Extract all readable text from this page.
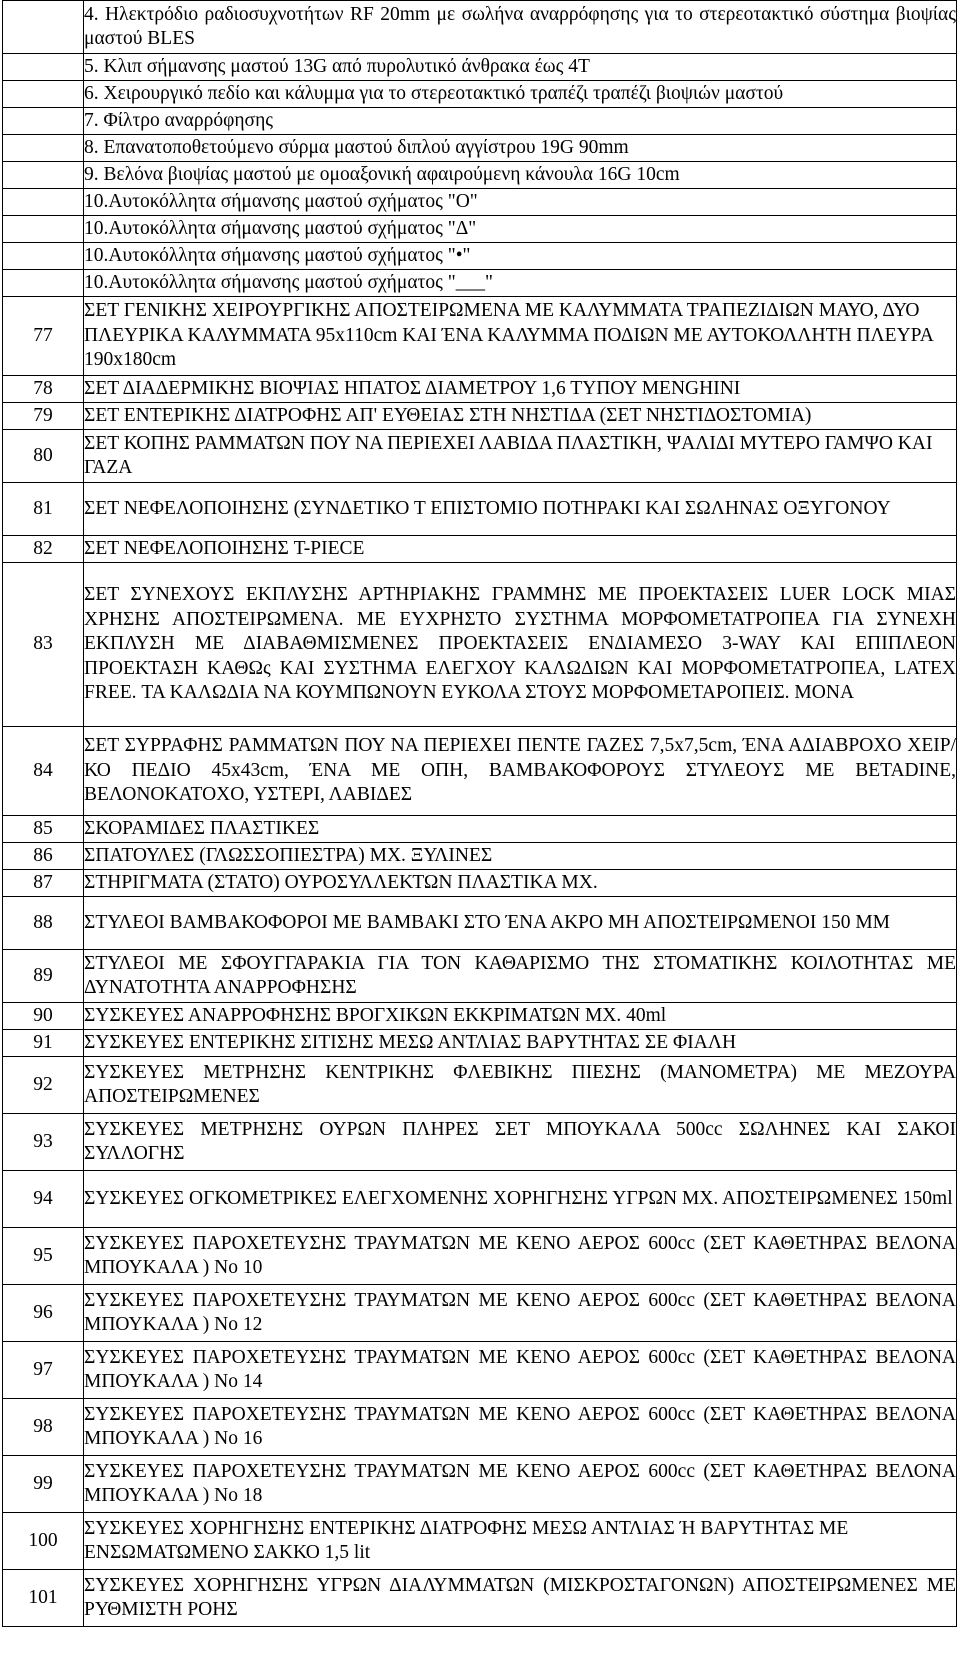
	4. Ηλεκτρόδιο ραδιοσυχνοτήτων RF 20mm με σωλήνα αναρρόφησης για το στερεοτακτικό σύστημα βιοψίας μαστού BLES
	5. Κλιπ σήμανσης μαστού 13G από πυρολυτικό άνθρακα έως 4T
	6. Χειρουργικό πεδίο και κάλυμμα για το στερεοτακτικό τραπέζι τραπέζι βιοψιών μαστού
	7. Φίλτρο αναρρόφησης
	8. Επανατοποθετούμενο σύρμα μαστού διπλού αγγίστρου 19G 90mm
	9. Βελόνα βιοψίας μαστού με ομοαξονική αφαιρούμενη κάνουλα 16G 10cm
	10.Αυτοκόλλητα σήμανσης μαστού σχήματος "Ο"
	10.Αυτοκόλλητα σήμανσης μαστού σχήματος "Δ"
	10.Αυτοκόλλητα σήμανσης μαστού σχήματος "•"
	10.Αυτοκόλλητα σήμανσης μαστού σχήματος "___"
77	ΣΕΤ ΓΕΝΙΚΗΣ ΧΕΙΡΟΥΡΓΙΚΗΣ ΑΠΟΣΤΕΙΡΩΜΕΝΑ ΜΕ ΚΑΛΥΜΜΑΤΑ ΤΡΑΠΕΖΙΔΙΩΝ ΜΑΥΟ, ΔΥΟ ΠΛΕΥΡΙΚΑ ΚΑΛΥΜΜΑΤΑ 95x110cm ΚΑΙ ΈΝΑ ΚΑΛΥΜΜΑ ΠΟΔΙΩΝ ΜΕ ΑΥΤΟΚΟΛΛΗΤΗ ΠΛΕΥΡΑ 190x180cm
78	ΣΕΤ ΔΙΑΔΕΡΜΙΚΗΣ ΒΙΟΨΙΑΣ ΗΠΑΤΟΣ ΔΙΑΜΕΤΡΟΥ 1,6 ΤΥΠΟΥ MENGHINI
79	ΣΕΤ ΕΝΤΕΡΙΚΗΣ ΔΙΑΤΡΟΦΗΣ ΑΠ' ΕΥΘΕΙΑΣ ΣΤΗ ΝΗΣΤΙΔΑ (ΣΕΤ ΝΗΣΤΙΔΟΣΤΟΜΙΑ)
80	ΣΕΤ ΚΟΠΗΣ ΡΑΜΜΑΤΩΝ ΠΟΥ ΝΑ ΠΕΡΙΕΧΕΙ ΛΑΒΙΔΑ ΠΛΑΣΤΙΚΗ, ΨΑΛΙΔΙ ΜΥΤΕΡΟ ΓΑΜΨΟ ΚΑΙ ΓΑΖΑ
81	ΣΕΤ ΝΕΦΕΛΟΠΟΙΗΣΗΣ (ΣΥΝΔΕΤΙΚΟ Τ ΕΠΙΣΤΟΜΙΟ ΠΟΤΗΡΑΚΙ ΚΑΙ ΣΩΛΗΝΑΣ ΟΞΥΓΟΝΟΥ
82	ΣΕΤ ΝΕΦΕΛΟΠΟΙΗΣΗΣ T-PIECE
83	ΣΕΤ ΣΥΝΕΧΟΥΣ ΕΚΠΛΥΣΗΣ ΑΡΤΗΡΙΑΚΗΣ ΓΡΑΜΜΗΣ ΜΕ ΠΡΟΕΚΤΑΣΕΙΣ LUER LOCK ΜΙΑΣ ΧΡΗΣΗΣ ΑΠΟΣΤΕΙΡΩΜΕΝΑ. ΜΕ ΕΥΧΡΗΣΤΟ ΣΥΣΤΗΜΑ ΜΟΡΦΟΜΕΤΑΤΡΟΠΕΑ ΓΙΑ ΣΥΝΕΧΗ ΕΚΠΛΥΣΗ ΜΕ ΔΙΑΒΑΘΜΙΣΜΕΝΕΣ ΠΡΟΕΚΤΑΣΕΙΣ ΕΝΔΙΑΜΕΣΟ 3-WAY ΚΑΙ ΕΠΙΠΛΕΟΝ ΠΡΟΕΚΤΑΣΗ ΚΑΘΩς ΚΑΙ ΣΥΣΤΗΜΑ ΕΛΕΓΧΟΥ ΚΑΛΩΔΙΩΝ ΚΑΙ ΜΟΡΦΟΜΕΤΑΤΡΟΠΕΑ, LATEX FREE. ΤΑ ΚΑΛΩΔΙΑ ΝΑ ΚΟΥΜΠΩΝΟΥΝ ΕΥΚΟΛΑ ΣΤΟΥΣ ΜΟΡΦΟΜΕΤΑΡΟΠΕΙΣ. ΜΟΝΑ
84	ΣΕΤ ΣΥΡΡΑΦΗΣ ΡΑΜΜΑΤΩΝ ΠΟΥ ΝΑ ΠΕΡΙΕΧΕΙ ΠΕΝΤΕ ΓΑΖΕΣ 7,5x7,5cm, ΈΝΑ ΑΔΙΑΒΡΟΧΟ ΧΕΙΡ/ΚΟ ΠΕΔΙΟ 45x43cm, ΈΝΑ ΜΕ ΟΠΗ, ΒΑΜΒΑΚΟΦΟΡΟΥΣ ΣΤΥΛΕΟΥΣ ΜΕ BETADINE, ΒΕΛΟΝΟΚΑΤΟΧΟ, ΥΣΤΕΡΙ, ΛΑΒΙΔΕΣ
85	ΣΚΟΡΑΜΙΔΕΣ ΠΛΑΣΤΙΚΕΣ
86	ΣΠΑΤΟΥΛΕΣ (ΓΛΩΣΣΟΠΙΕΣΤΡΑ) ΜΧ. ΞΥΛΙΝΕΣ
87	ΣΤΗΡΙΓΜΑΤΑ (ΣΤΑΤΟ) ΟΥΡΟΣΥΛΛΕΚΤΩΝ ΠΛΑΣΤΙΚΑ ΜΧ.
88	ΣΤΥΛΕΟΙ ΒΑΜΒΑΚΟΦΟΡΟΙ ΜΕ ΒΑΜΒΑΚΙ ΣΤΟ ΈΝΑ ΑΚΡΟ ΜΗ ΑΠΟΣΤΕΙΡΩΜΕΝΟΙ 150 ΜΜ
89	ΣΤΥΛΕΟΙ ΜΕ ΣΦΟΥΓΓΑΡΑΚΙΑ ΓΙΑ ΤΟΝ ΚΑΘΑΡΙΣΜΟ ΤΗΣ ΣΤΟΜΑΤΙΚΗΣ ΚΟΙΛΟΤΗΤΑΣ ΜΕ ΔΥΝΑΤΟΤΗΤΑ ΑΝΑΡΡΟΦΗΣΗΣ
90	ΣΥΣΚΕΥΕΣ ΑΝΑΡΡΟΦΗΣΗΣ ΒΡΟΓΧΙΚΩΝ ΕΚΚΡΙΜΑΤΩΝ ΜΧ. 40ml
91	ΣΥΣΚΕΥΕΣ ΕΝΤΕΡΙΚΗΣ ΣΙΤΙΣΗΣ ΜΕΣΩ ΑΝΤΛΙΑΣ ΒΑΡΥΤΗΤΑΣ ΣΕ ΦΙΑΛΗ
92	ΣΥΣΚΕΥΕΣ ΜΕΤΡΗΣΗΣ ΚΕΝΤΡΙΚΗΣ ΦΛΕΒΙΚΗΣ ΠΙΕΣΗΣ (ΜΑΝΟΜΕΤΡΑ) ΜΕ ΜΕΖΟΥΡΑ ΑΠΟΣΤΕΙΡΩΜΕΝΕΣ
93	ΣΥΣΚΕΥΕΣ ΜΕΤΡΗΣΗΣ ΟΥΡΩΝ ΠΛΗΡΕΣ ΣΕΤ ΜΠΟΥΚΑΛΑ 500cc ΣΩΛΗΝΕΣ ΚΑΙ ΣΑΚΟΙ ΣΥΛΛΟΓΗΣ
94	ΣΥΣΚΕΥΕΣ ΟΓΚΟΜΕΤΡΙΚΕΣ ΕΛΕΓΧΟΜΕΝΗΣ ΧΟΡΗΓΗΣΗΣ ΥΓΡΩΝ ΜΧ. ΑΠΟΣΤΕΙΡΩΜΕΝΕΣ 150ml
95	ΣΥΣΚΕΥΕΣ ΠΑΡΟΧΕΤΕΥΣΗΣ ΤΡΑΥΜΑΤΩΝ ΜΕ ΚΕΝΟ ΑΕΡΟΣ 600cc (ΣΕΤ ΚΑΘΕΤΗΡΑΣ ΒΕΛΟΝΑ ΜΠΟΥΚΑΛΑ ) No 10
96	ΣΥΣΚΕΥΕΣ ΠΑΡΟΧΕΤΕΥΣΗΣ ΤΡΑΥΜΑΤΩΝ ΜΕ ΚΕΝΟ ΑΕΡΟΣ 600cc (ΣΕΤ ΚΑΘΕΤΗΡΑΣ ΒΕΛΟΝΑ ΜΠΟΥΚΑΛΑ ) No 12
97	ΣΥΣΚΕΥΕΣ ΠΑΡΟΧΕΤΕΥΣΗΣ ΤΡΑΥΜΑΤΩΝ ΜΕ ΚΕΝΟ ΑΕΡΟΣ 600cc (ΣΕΤ ΚΑΘΕΤΗΡΑΣ ΒΕΛΟΝΑ ΜΠΟΥΚΑΛΑ ) No 14
98	ΣΥΣΚΕΥΕΣ ΠΑΡΟΧΕΤΕΥΣΗΣ ΤΡΑΥΜΑΤΩΝ ΜΕ ΚΕΝΟ ΑΕΡΟΣ 600cc (ΣΕΤ ΚΑΘΕΤΗΡΑΣ ΒΕΛΟΝΑ ΜΠΟΥΚΑΛΑ ) No 16
99	ΣΥΣΚΕΥΕΣ ΠΑΡΟΧΕΤΕΥΣΗΣ ΤΡΑΥΜΑΤΩΝ ΜΕ ΚΕΝΟ ΑΕΡΟΣ 600cc (ΣΕΤ ΚΑΘΕΤΗΡΑΣ ΒΕΛΟΝΑ ΜΠΟΥΚΑΛΑ ) No 18
100	ΣΥΣΚΕΥΕΣ ΧΟΡΗΓΗΣΗΣ ΕΝΤΕΡΙΚΗΣ ΔΙΑΤΡΟΦΗΣ ΜΕΣΩ ΑΝΤΛΙΑΣ Ή ΒΑΡΥΤΗΤΑΣ ΜΕ ΕΝΣΩΜΑΤΩΜΕΝΟ ΣΑΚΚΟ 1,5 lit
101	ΣΥΣΚΕΥΕΣ ΧΟΡΗΓΗΣΗΣ ΥΓΡΩΝ ΔΙΑΛΥΜΜΑΤΩΝ (ΜΙΣΚΡΟΣΤΑΓΟΝΩΝ) ΑΠΟΣΤΕΙΡΩΜΕΝΕΣ ΜΕ ΡΥΘΜΙΣΤΗ ΡΟΗΣ
